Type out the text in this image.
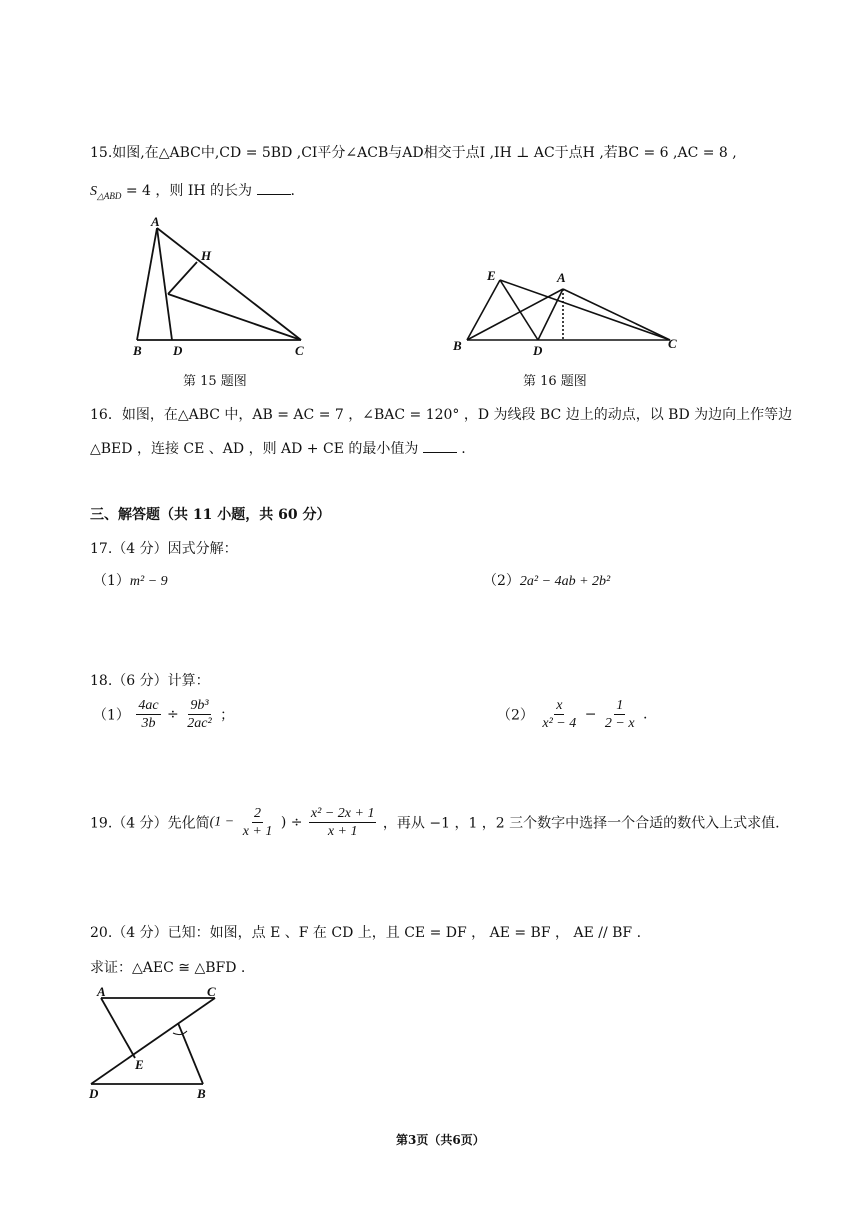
15.如图,在△ABC中,CD = 5BD ,CI平分∠ACB与AD相交于点I ,IH ⊥ AC于点H ,若BC = 6 ,AC = 8 ,
$S_{\triangle ABD} = 4$ ，则 IH 的长为	.
A
H
B D	C
第 15 题图
E	A
B	D	C
第 16 题图
16．如图，在△ABC 中，AB = AC = 7 ，∠BAC = 120° ，D 为线段 BC 边上的动点，以 BD 为边向上作等边
△BED ，连接 CE 、AD ，则 AD + CE 的最小值为	.
三、解答题（共 11 小题，共 60 分）
17.（4 分）因式分解：
（1）m² − 9	（2）2a² − 4ab + 2b²
18.（6 分）计算：
$(1) \frac{4ac}{3b} \div \frac{\text{9b³}}{\text{2ac²}}$ ；	$(2) \frac{x}{\text{x² − 4}} - \frac{1}{2 - x}$ .
19.（4 分）先化简($1 - \frac{2}{x + 1}$ ) ÷ $\frac{\text{x² − 2x + 1}}{x + 1}$ ，再从 −1 ，1 ，2 三个数字中选择一个合适的数代入上式求值.
20.（4 分）已知：如图，点 E 、F 在 CD 上，且 CE = DF ， AE = BF ， AE // BF .
求证：△AEC ≅ △BFD .
A	C
E
D	B
第3页（共6页）
